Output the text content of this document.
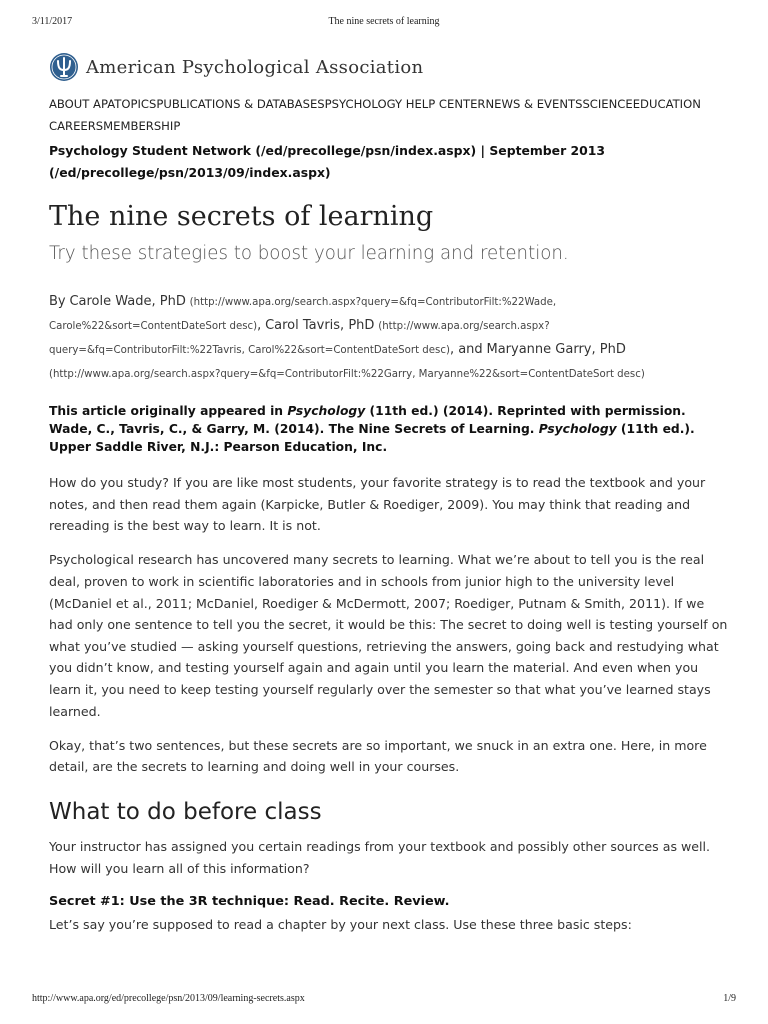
3/11/2017	The nine secrets of learning
American Psychological Association
ABOUT APATOPICSPUBLICATIONS & DATABASESPSYCHOLOGY HELP CENTERNEWS & EVENTSSCIENCEEDUCATION
CAREERSMEMBERSHIP
Psychology Student Network (/ed/precollege/psn/index.aspx) | September 2013
(/ed/precollege/psn/2013/09/index.aspx)
The nine secrets of learning
Try these strategies to boost your learning and retention.
By Carole Wade, PhD (http://www.apa.org/search.aspx?query=&fq=ContributorFilt:%22Wade, Carole%22&sort=ContentDateSort desc), Carol Tavris, PhD (http://www.apa.org/search.aspx?query=&fq=ContributorFilt:%22Tavris, Carol%22&sort=ContentDateSort desc), and Maryanne Garry, PhD (http://www.apa.org/search.aspx?query=&fq=ContributorFilt:%22Garry, Maryanne%22&sort=ContentDateSort desc)
This article originally appeared in Psychology (11th ed.) (2014). Reprinted with permission.
Wade, C., Tavris, C., & Garry, M. (2014). The Nine Secrets of Learning. Psychology (11th ed.). Upper Saddle River, N.J.: Pearson Education, Inc.

How do you study? If you are like most students, your favorite strategy is to read the textbook and your notes, and then read them again (Karpicke, Butler & Roediger, 2009). You may think that reading and rereading is the best way to learn. It is not.

Psychological research has uncovered many secrets to learning. What we’re about to tell you is the real deal, proven to work in scientific laboratories and in schools from junior high to the university level (McDaniel et al., 2011; McDaniel, Roediger & McDermott, 2007; Roediger, Putnam & Smith, 2011). If we had only one sentence to tell you the secret, it would be this: The secret to doing well is testing yourself on what you’ve studied — asking yourself questions, retrieving the answers, going back and restudying what you didn’t know, and testing yourself again and again until you learn the material. And even when you learn it, you need to keep testing yourself regularly over the semester so that what you’ve learned stays learned.

Okay, that’s two sentences, but these secrets are so important, we snuck in an extra one. Here, in more detail, are the secrets to learning and doing well in your courses.

What to do before class

Your instructor has assigned you certain readings from your textbook and possibly other sources as well. How will you learn all of this information?

Secret #1: Use the 3R technique: Read. Recite. Review.
Let’s say you’re supposed to read a chapter by your next class. Use these three basic steps:
http://www.apa.org/ed/precollege/psn/2013/09/learning-secrets.aspx	1/9
